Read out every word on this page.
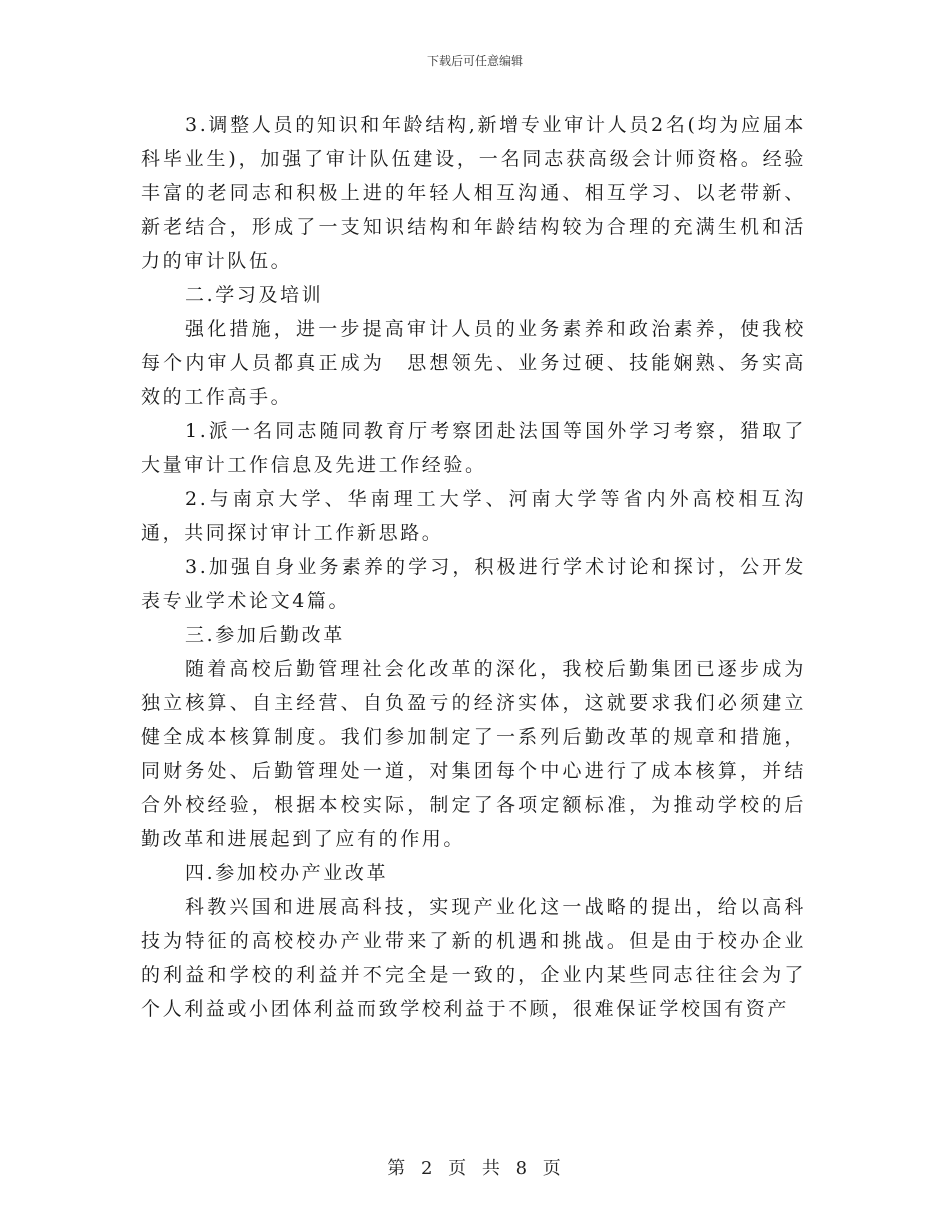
下载后可任意编辑

3.调整人员的知识和年龄结构,新增专业审计人员2名(均为应届本科毕业生)，加强了审计队伍建设，一名同志获高级会计师资格。经验丰富的老同志和积极上进的年轻人相互沟通、相互学习、以老带新、新老结合，形成了一支知识结构和年龄结构较为合理的充满生机和活力的审计队伍。

二.学习及培训

强化措施，进一步提高审计人员的业务素养和政治素养，使我校每个内审人员都真正成为　思想领先、业务过硬、技能娴熟、务实高效的工作高手。

1.派一名同志随同教育厅考察团赴法国等国外学习考察，猎取了大量审计工作信息及先进工作经验。

2.与南京大学、华南理工大学、河南大学等省内外高校相互沟通，共同探讨审计工作新思路。

3.加强自身业务素养的学习，积极进行学术讨论和探讨，公开发表专业学术论文4篇。

三.参加后勤改革

随着高校后勤管理社会化改革的深化，我校后勤集团已逐步成为独立核算、自主经营、自负盈亏的经济实体，这就要求我们必须建立健全成本核算制度。我们参加制定了一系列后勤改革的规章和措施，同财务处、后勤管理处一道，对集团每个中心进行了成本核算，并结合外校经验，根据本校实际，制定了各项定额标准，为推动学校的后勤改革和进展起到了应有的作用。

四.参加校办产业改革

科教兴国和进展高科技，实现产业化这一战略的提出，给以高科技为特征的高校校办产业带来了新的机遇和挑战。但是由于校办企业的利益和学校的利益并不完全是一致的，企业内某些同志往往会为了个人利益或小团体利益而致学校利益于不顾，很难保证学校国有资产

第 2 页 共 8 页
